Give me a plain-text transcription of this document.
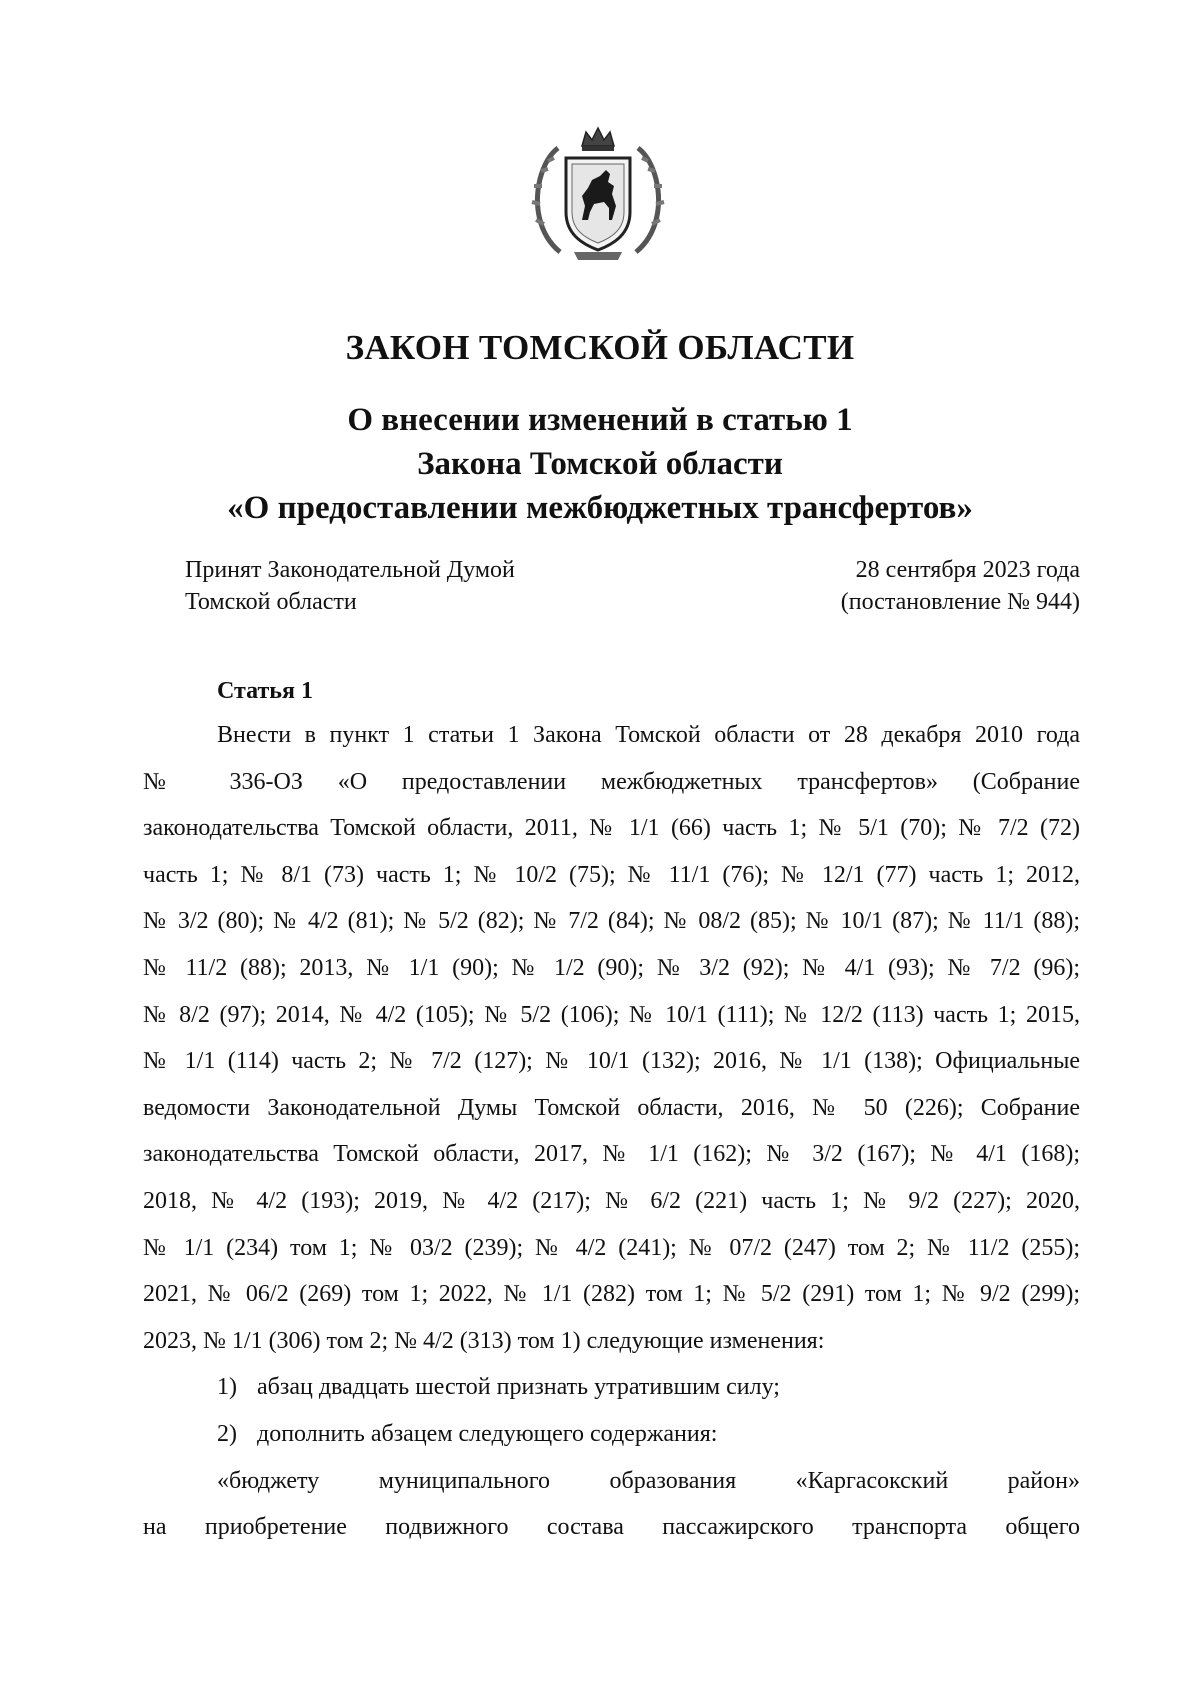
ЗАКОН ТОМСКОЙ ОБЛАСТИ
О внесении изменений в статью 1
Закона Томской области
«О предоставлении межбюджетных трансфертов»
Принят Законодательной Думой
Томской области
28 сентября 2023 года
(постановление № 944)
Статья 1

Внести в пункт 1 статьи 1 Закона Томской области от 28 декабря 2010 года

№ 336-ОЗ «О предоставлении межбюджетных трансфертов» (Собрание

законодательства Томской области, 2011, № 1/1 (66) часть 1; № 5/1 (70); № 7/2 (72)

часть 1; № 8/1 (73) часть 1; № 10/2 (75); № 11/1 (76); № 12/1 (77) часть 1; 2012,

№ 3/2 (80); № 4/2 (81); № 5/2 (82); № 7/2 (84); № 08/2 (85); № 10/1 (87); № 11/1 (88);

№ 11/2 (88); 2013, № 1/1 (90); № 1/2 (90); № 3/2 (92); № 4/1 (93); № 7/2 (96);

№ 8/2 (97); 2014, № 4/2 (105); № 5/2 (106); № 10/1 (111); № 12/2 (113) часть 1; 2015,

№ 1/1 (114) часть 2; № 7/2 (127); № 10/1 (132); 2016, № 1/1 (138); Официальные

ведомости Законодательной Думы Томской области, 2016, № 50 (226); Собрание

законодательства Томской области, 2017, № 1/1 (162); № 3/2 (167); № 4/1 (168);

2018, № 4/2 (193); 2019, № 4/2 (217); № 6/2 (221) часть 1; № 9/2 (227); 2020,

№ 1/1 (234) том 1; № 03/2 (239); № 4/2 (241); № 07/2 (247) том 2; № 11/2 (255);

2021, № 06/2 (269) том 1; 2022, № 1/1 (282) том 1; № 5/2 (291) том 1; № 9/2 (299);

2023, № 1/1 (306) том 2; № 4/2 (313) том 1) следующие изменения:

1) абзац двадцать шестой признать утратившим силу;

2) дополнить абзацем следующего содержания:

«бюджету муниципального образования «Каргасокский район»

на приобретение подвижного состава пассажирского транспорта общего
